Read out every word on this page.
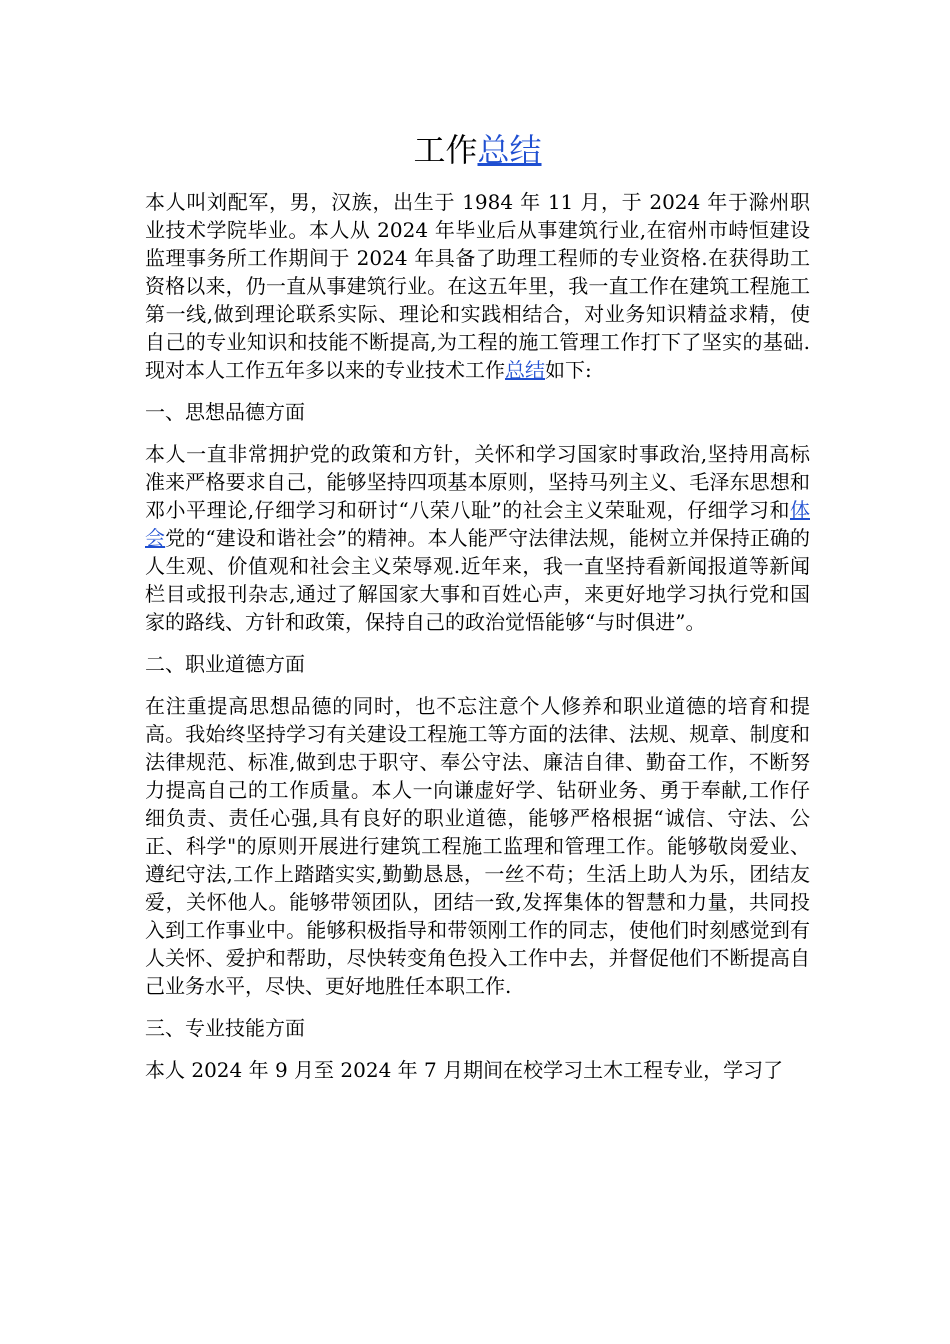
工作总结

本人叫刘配军，男，汉族，出生于 1984 年 11 月，于 2024 年于滁州职业技术学院毕业。本人从 2024 年毕业后从事建筑行业,在宿州市峙恒建设监理事务所工作期间于 2024 年具备了助理工程师的专业资格.在获得助工资格以来，仍一直从事建筑行业。在这五年里，我一直工作在建筑工程施工第一线,做到理论联系实际、理论和实践相结合，对业务知识精益求精，使自己的专业知识和技能不断提高,为工程的施工管理工作打下了坚实的基础.现对本人工作五年多以来的专业技术工作总结如下:

一、思想品德方面

本人一直非常拥护党的政策和方针，关怀和学习国家时事政治,坚持用高标准来严格要求自己，能够坚持四项基本原则，坚持马列主义、毛泽东思想和邓小平理论,仔细学习和研讨“八荣八耻”的社会主义荣耻观，仔细学习和体会党的“建设和谐社会”的精神。本人能严守法律法规，能树立并保持正确的人生观、价值观和社会主义荣辱观.近年来，我一直坚持看新闻报道等新闻栏目或报刊杂志,通过了解国家大事和百姓心声，来更好地学习执行党和国家的路线、方针和政策，保持自己的政治觉悟能够“与时俱进”。

二、职业道德方面

在注重提高思想品德的同时，也不忘注意个人修养和职业道德的培育和提高。我始终坚持学习有关建设工程施工等方面的法律、法规、规章、制度和法律规范、标准,做到忠于职守、奉公守法、廉洁自律、勤奋工作，不断努力提高自己的工作质量。本人一向谦虚好学、钻研业务、勇于奉献,工作仔细负责、责任心强,具有良好的职业道德，能够严格根据“诚信、守法、公正、科学"的原则开展进行建筑工程施工监理和管理工作。能够敬岗爱业、遵纪守法,工作上踏踏实实,勤勤恳恳，一丝不苟；生活上助人为乐，团结友爱，关怀他人。能够带领团队，团结一致,发挥集体的智慧和力量，共同投入到工作事业中。能够积极指导和带领刚工作的同志，使他们时刻感觉到有人关怀、爱护和帮助，尽快转变角色投入工作中去，并督促他们不断提高自己业务水平，尽快、更好地胜任本职工作.

三、专业技能方面

本人 2024 年 9 月至 2024 年 7 月期间在校学习土木工程专业，学习了
